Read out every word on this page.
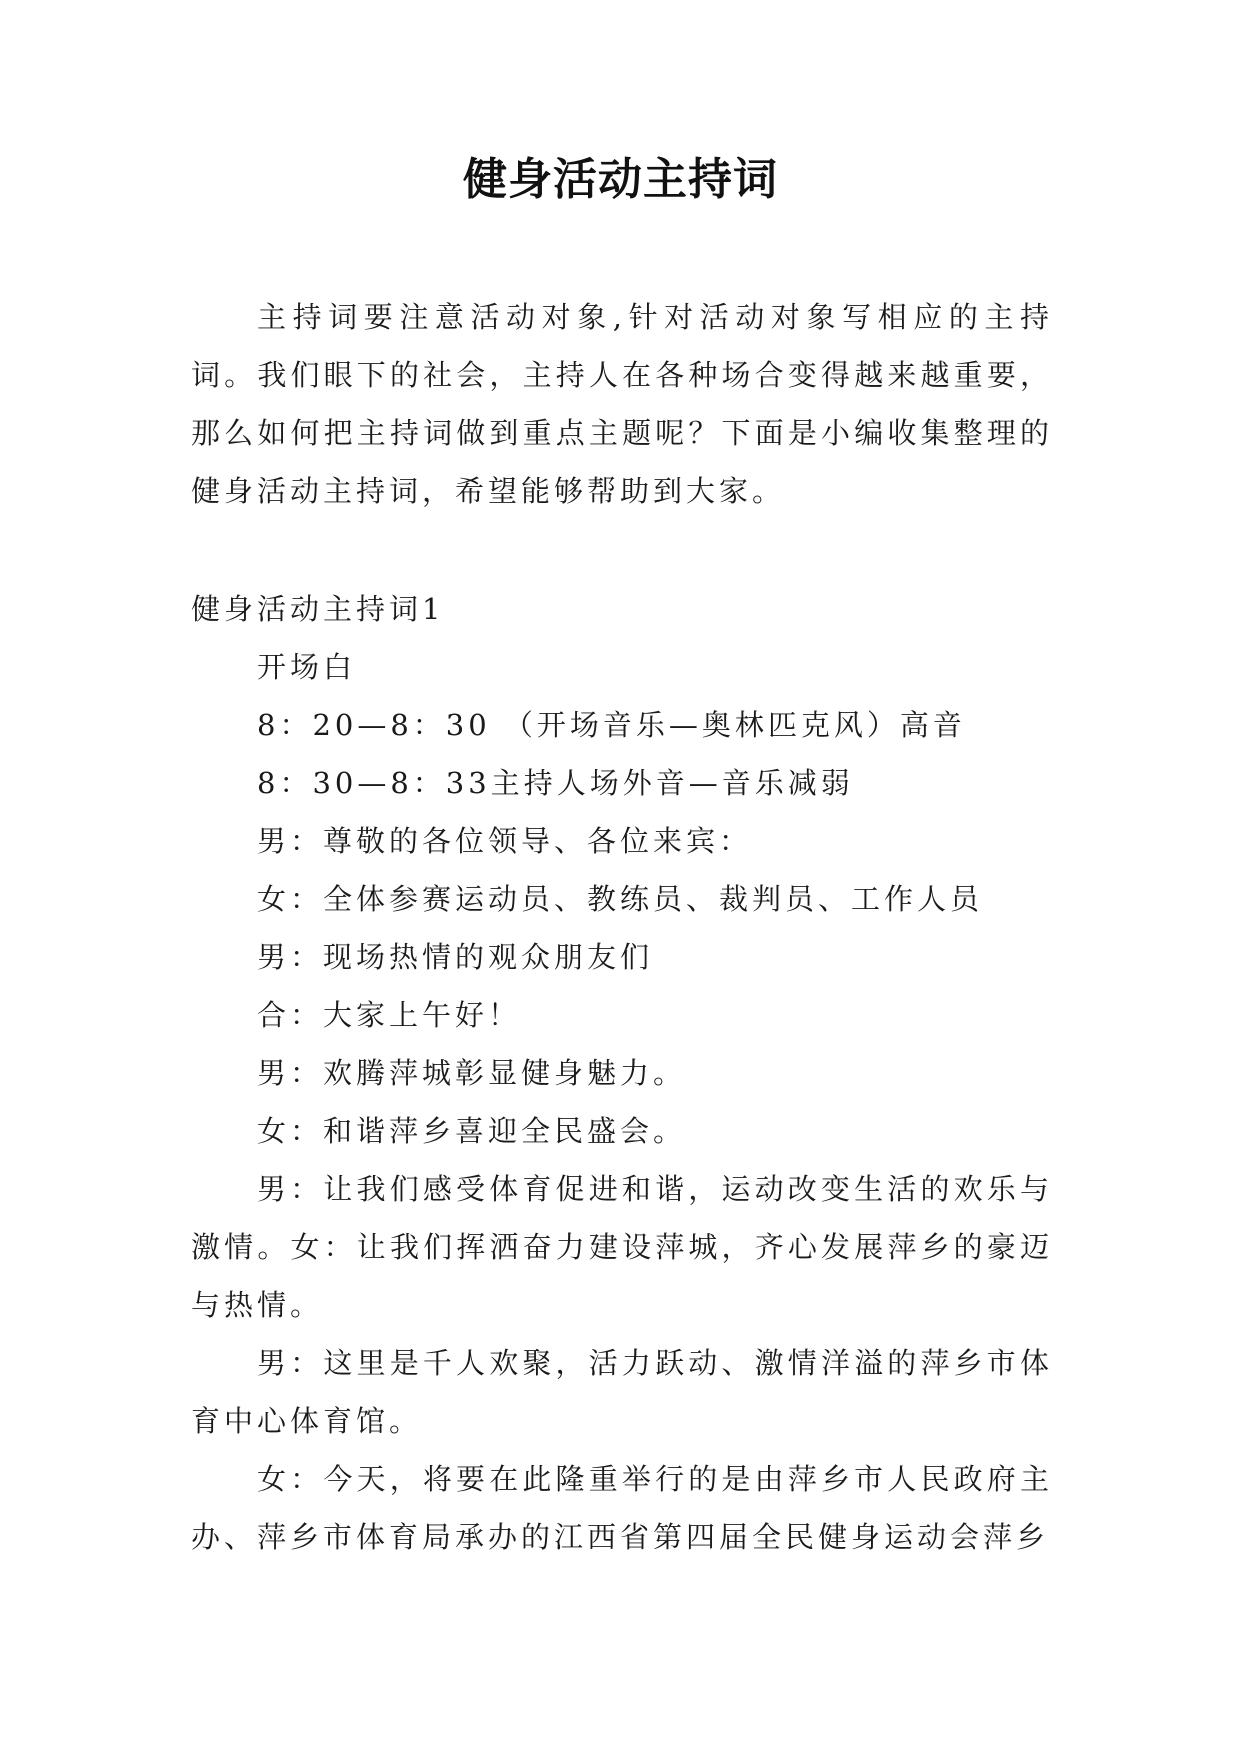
健身活动主持词

主持词要注意活动对象,针对活动对象写相应的主持词。我们眼下的社会，主持人在各种场合变得越来越重要，那么如何把主持词做到重点主题呢？下面是小编收集整理的健身活动主持词，希望能够帮助到大家。

健身活动主持词1

开场白

8：20—8：30 （开场音乐—奥林匹克风）高音

8：30—8：33主持人场外音—音乐减弱

男：尊敬的各位领导、各位来宾：

女：全体参赛运动员、教练员、裁判员、工作人员

男：现场热情的观众朋友们

合：大家上午好！

男：欢腾萍城彰显健身魅力。

女：和谐萍乡喜迎全民盛会。

男：让我们感受体育促进和谐，运动改变生活的欢乐与激情。女：让我们挥洒奋力建设萍城，齐心发展萍乡的豪迈与热情。

男：这里是千人欢聚，活力跃动、激情洋溢的萍乡市体育中心体育馆。

女：今天，将要在此隆重举行的是由萍乡市人民政府主办、萍乡市体育局承办的江西省第四届全民健身运动会萍乡
